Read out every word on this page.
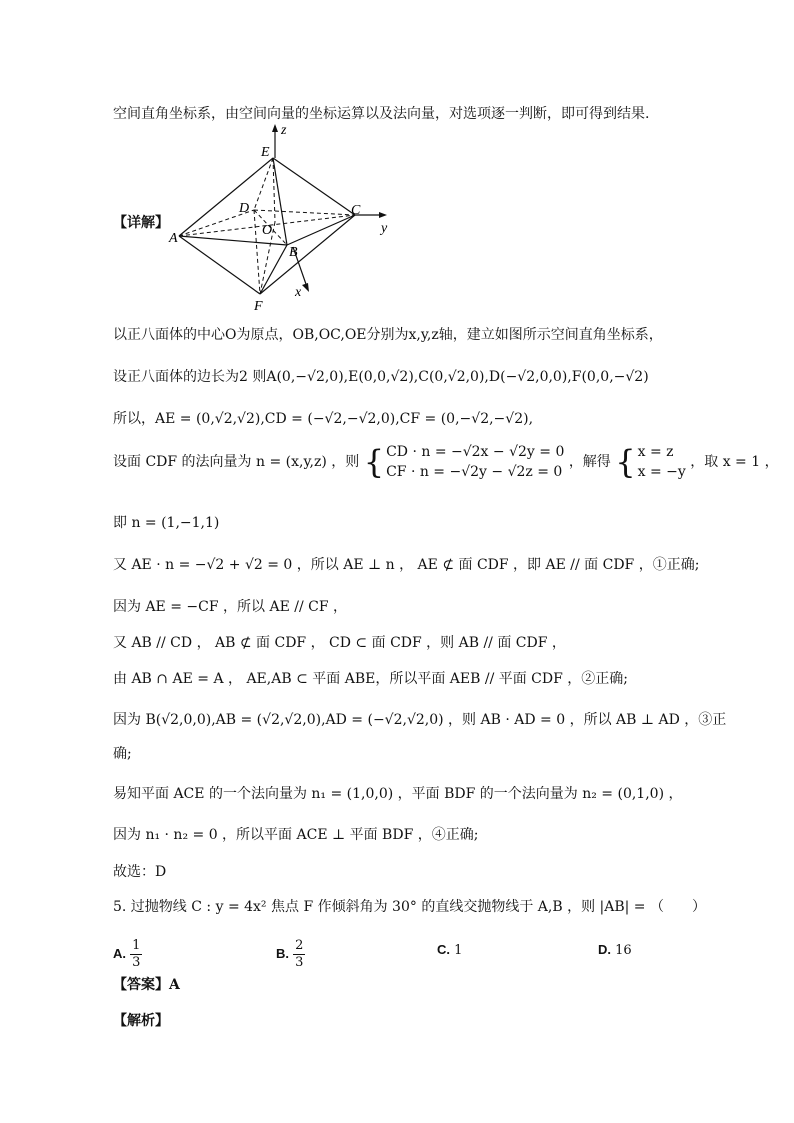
空间直角坐标系，由空间向量的坐标运算以及法向量，对选项逐一判断，即可得到结果.
z
E
D	C
y
O
A
B
x
F
【详解】
以正八面体的中心O为原点，OB,OC,OE分别为x,y,z轴，建立如图所示空间直角坐标系，
设正八面体的边长为2 则A(0,−√2,0),E(0,0,√2),C(0,√2,0),D(−√2,0,0),F(0,0,−√2)
所以，AE = (0,√2,√2),CD = (−√2,−√2,0),CF = (0,−√2,−√2),
设面 CDF 的法向量为 n = (x,y,z) ，则 { CD · n = −√2x − √2y = 0
CF · n = −√2y − √2z = 0
，解得 { x = z
x = −y
，取 x = 1 ，
即 n = (1,−1,1)
又 AE · n = −√2 + √2 = 0 ，所以 AE ⊥ n ， AE ⊄ 面 CDF ，即 AE // 面 CDF ，①正确;
因为 AE = −CF ，所以 AE // CF ，
又 AB // CD ， AB ⊄ 面 CDF ， CD ⊂ 面 CDF ，则 AB // 面 CDF ，
由 AB ∩ AE = A ， AE,AB ⊂ 平面 ABE，所以平面 AEB // 平面 CDF ，②正确;
因为 B(√2,0,0),AB = (√2,√2,0),AD = (−√2,√2,0) ，则 AB · AD = 0 ，所以 AB ⊥ AD ，③正
确;
易知平面 ACE 的一个法向量为 n₁ = (1,0,0) ，平面 BDF 的一个法向量为 n₂ = (0,1,0) ，
因为 n₁ · n₂ = 0 ，所以平面 ACE ⊥ 平面 BDF ，④正确;
故选：D
5. 过抛物线 C : y = 4x² 焦点 F 作倾斜角为 30° 的直线交抛物线于 A,B ，则 |AB| = （　　）
A. $\frac{1}{3}$	B. $\frac{2}{3}$	C. 1	D. 16
【答案】A
【解析】
